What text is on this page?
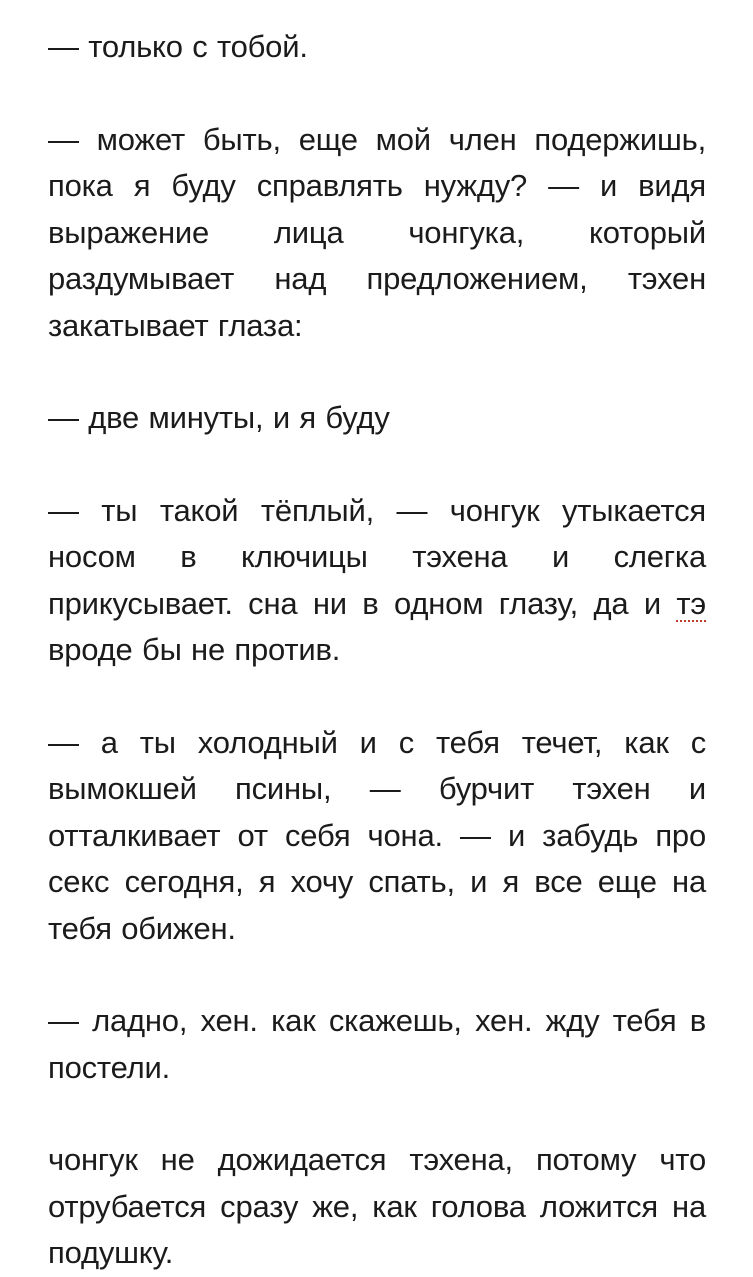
— только с тобой.

— может быть, еще мой член подержишь, пока я буду справлять нужду? — и видя выражение лица чонгука, который раздумывает над предложением, тэхен закатывает глаза:

— две минуты, и я буду

— ты такой тёплый, — чонгук утыкается носом в ключицы тэхена и слегка прикусывает. сна ни в одном глазу, да и тэ вроде бы не против.

— а ты холодный и с тебя течет, как с вымокшей псины, — бурчит тэхен и отталкивает от себя чона. — и забудь про секс сегодня, я хочу спать, и я все еще на тебя обижен.

— ладно, хен. как скажешь, хен. жду тебя в постели.

чонгук не дожидается тэхена, потому что отрубается сразу же, как голова ложится на подушку.
